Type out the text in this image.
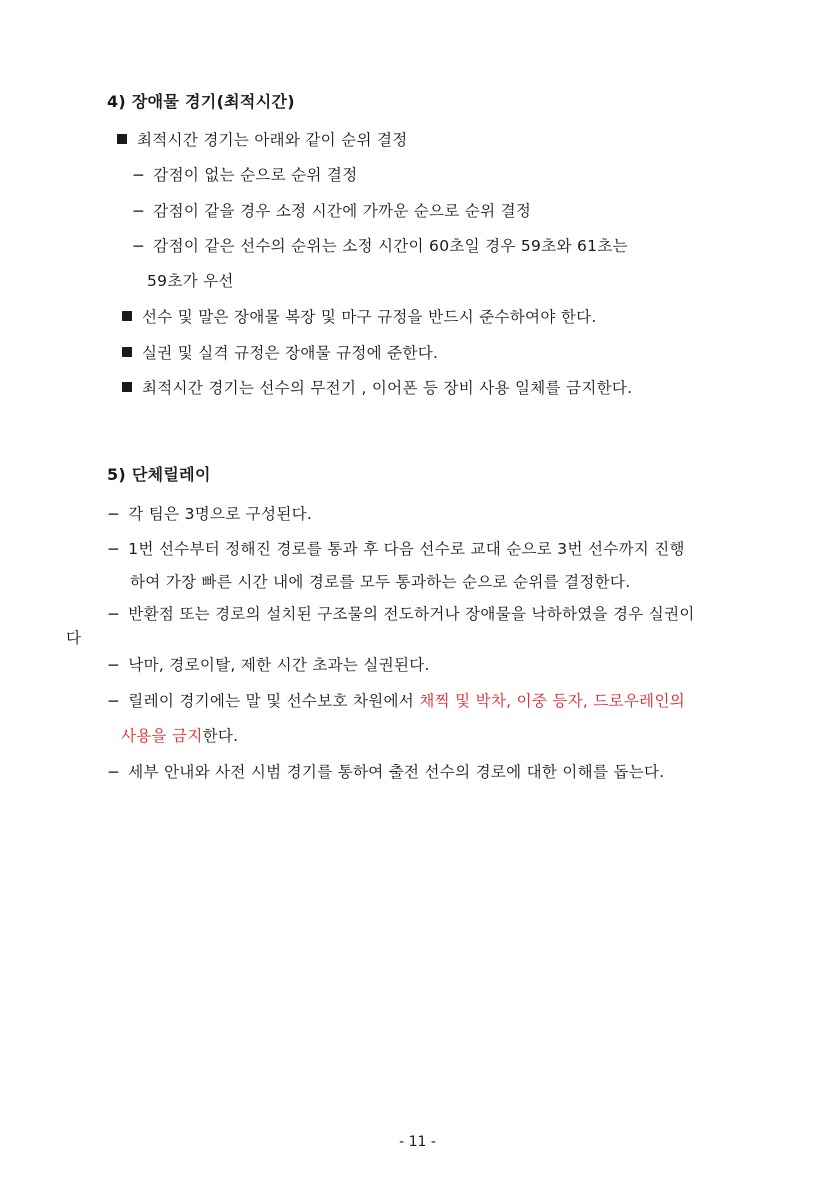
4) 장애물 경기(최적시간)
최적시간 경기는 아래와 같이 순위 결정
− 감점이 없는 순으로 순위 결정
− 감점이 같을 경우 소정 시간에 가까운 순으로 순위 결정
− 감점이 같은 선수의 순위는 소정 시간이 60초일 경우 59초와 61초는
59초가 우선
선수 및 말은 장애물 복장 및 마구 규정을 반드시 준수하여야 한다.
실권 및 실격 규정은 장애물 규정에 준한다.
최적시간 경기는 선수의 무전기 , 이어폰 등 장비 사용 일체를 금지한다.
5) 단체릴레이
− 각 팀은 3명으로 구성된다.
− 1번 선수부터 정해진 경로를 통과 후 다음 선수로 교대 순으로 3번 선수까지 진행
하여 가장 빠른 시간 내에 경로를 모두 통과하는 순으로 순위를 결정한다.
− 반환점 또는 경로의 설치된 구조물의 전도하거나 장애물을 낙하하였을 경우 실권이
다
− 낙마, 경로이탈, 제한 시간 초과는 실권된다.
− 릴레이 경기에는 말 및 선수보호 차원에서 채찍 및 박차, 이중 등자, 드로우레인의
사용을 금지한다.
− 세부 안내와 사전 시범 경기를 통하여 출전 선수의 경로에 대한 이해를 돕는다.
- 11 -
